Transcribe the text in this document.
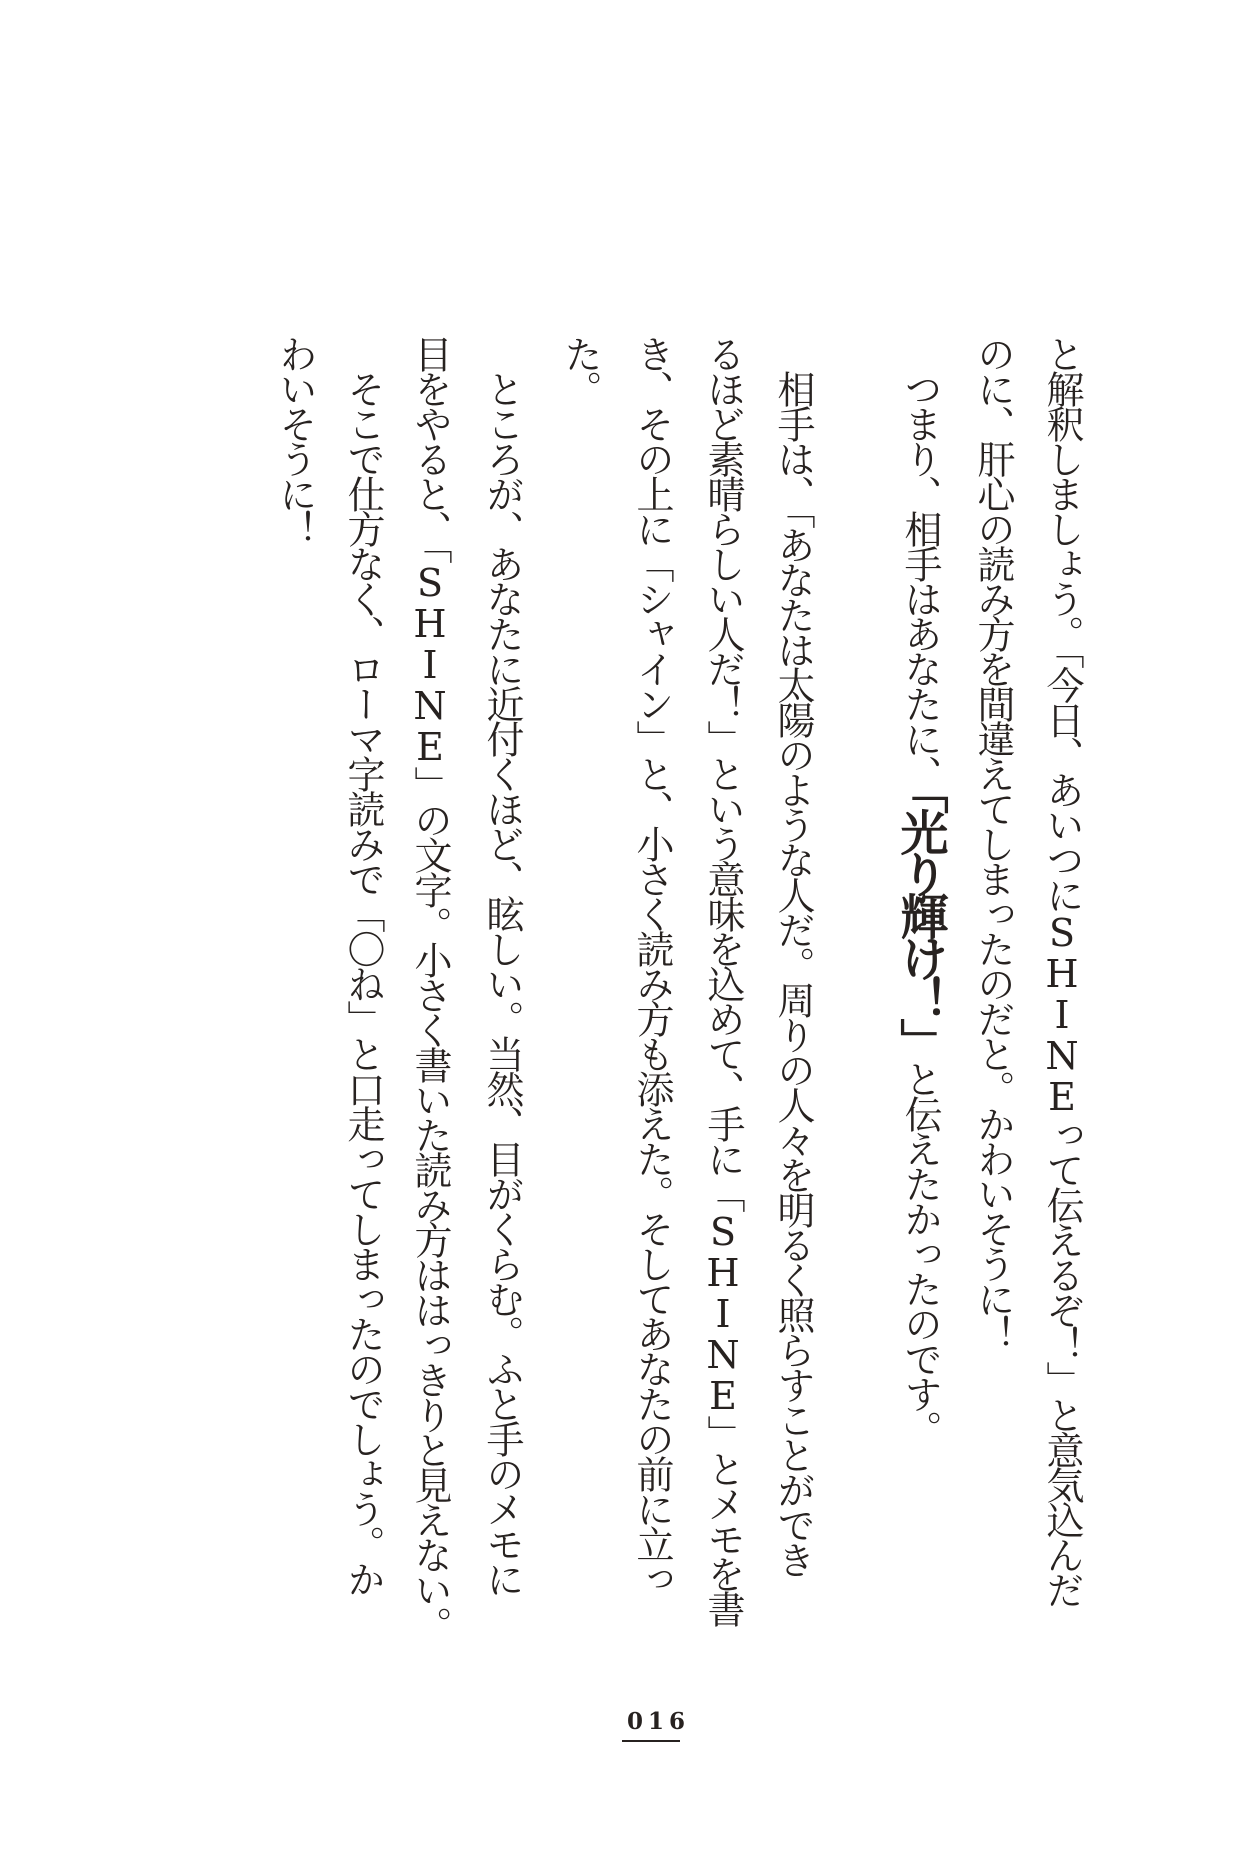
と解釈しましょう。「今日、あいつにSHINEって伝えるぞ！」と意気込んだ
のに、肝心の読み方を間違えてしまったのだと。かわいそうに！
つまり、相手はあなたに、「光り輝け！」と伝えたかったのです。
相手は、「あなたは太陽のような人だ。周りの人々を明るく照らすことができ
るほど素晴らしい人だ！」という意味を込めて、手に「SHINE」とメモを書
き、その上に「シャイン」と、小さく読み方も添えた。そしてあなたの前に立っ
た。
ところが、あなたに近付くほど、眩しい。当然、目がくらむ。ふと手のメモに
目をやると、「SHINE」の文字。小さく書いた読み方ははっきりと見えない。
そこで仕方なく、ローマ字読みで「〇ね」と口走ってしまったのでしょう。か
わいそうに！
016
